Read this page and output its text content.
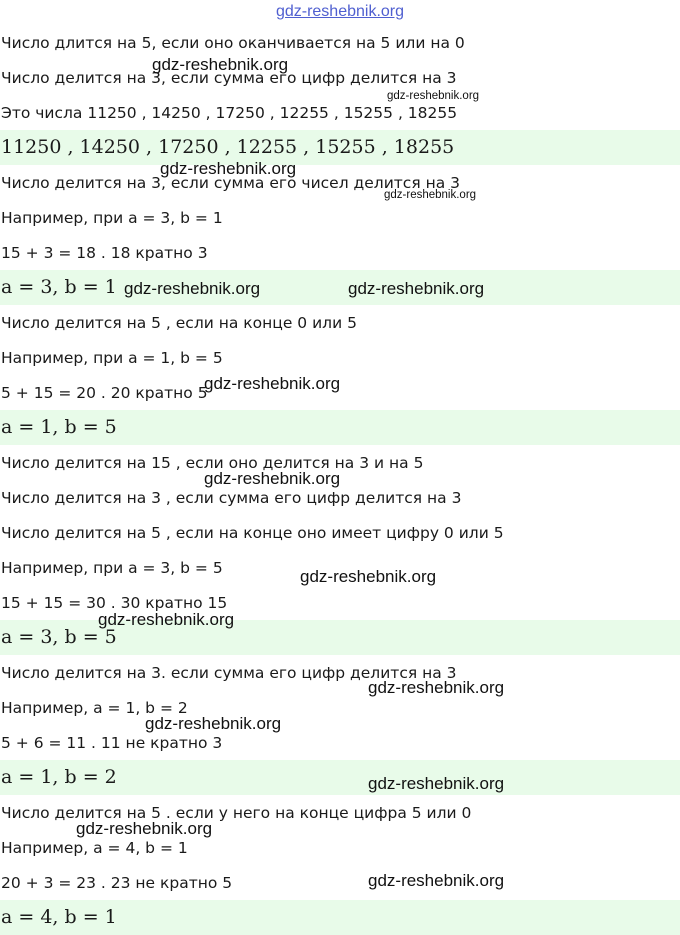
gdz-reshebnik.org
Число длится на 5, если оно оканчивается на 5 или на 0
Число делится на 3, если сумма его цифр делится на 3
Это числа 11250 , 14250 , 17250 , 12255 , 15255 , 18255
11250 , 14250 , 17250 , 12255 , 15255 , 18255
Число делится на 3, если сумма его чисел делится на 3
Например, при a = 3, b = 1
15 + 3 = 18 . 18 кратно 3
a = 3, b = 1
Число делится на 5 , если на конце 0 или 5
Например, при a = 1, b = 5
5 + 15 = 20 . 20 кратно 5
a = 1, b = 5
Число делится на 15 , если оно делится на 3 и на 5
Число делится на 3 , если сумма его цифр делится на 3
Число делится на 5 , если на конце оно имеет цифру 0 или 5
Например, при a = 3, b = 5
15 + 15 = 30 . 30 кратно 15
a = 3, b = 5
Число делится на 3. если сумма его цифр делится на 3
Например, a = 1, b = 2
5 + 6 = 11 . 11 не кратно 3
a = 1, b = 2
Число делится на 5 . если у него на конце цифра 5 или 0
Например, a = 4, b = 1
20 + 3 = 23 . 23 не кратно 5
a = 4, b = 1
gdz-reshebnik.org
gdz-reshebnik.org
gdz-reshebnik.org
gdz-reshebnik.org
gdz-reshebnik.org	gdz-reshebnik.org
gdz-reshebnik.org
gdz-reshebnik.org
gdz-reshebnik.org
gdz-reshebnik.org
gdz-reshebnik.org
gdz-reshebnik.org
gdz-reshebnik.org
gdz-reshebnik.org
gdz-reshebnik.org
